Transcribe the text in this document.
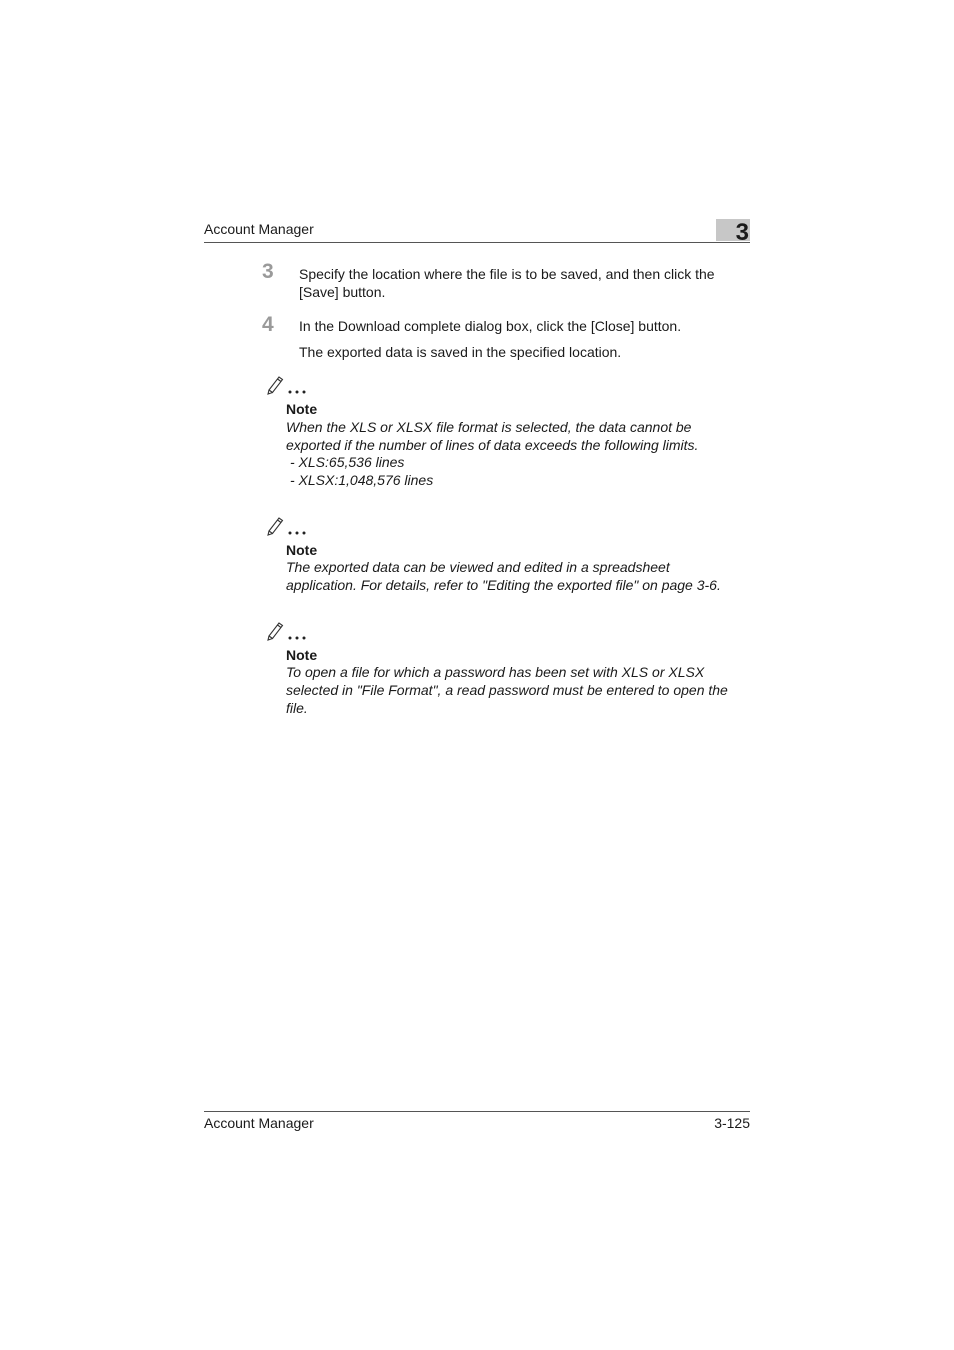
Account Manager	3
3 Specify the location where the file is to be saved, and then click the
[Save] button.
4 In the Download complete dialog box, click the [Close] button.
The exported data is saved in the specified location.
Note
When the XLS or XLSX file format is selected, the data cannot be
exported if the number of lines of data exceeds the following limits.
- XLS:65,536 lines
- XLSX:1,048,576 lines
Note
The exported data can be viewed and edited in a spreadsheet
application. For details, refer to "Editing the exported file" on page 3-6.
Note
To open a file for which a password has been set with XLS or XLSX
selected in "File Format", a read password must be entered to open the
file.
Account Manager	3-125
